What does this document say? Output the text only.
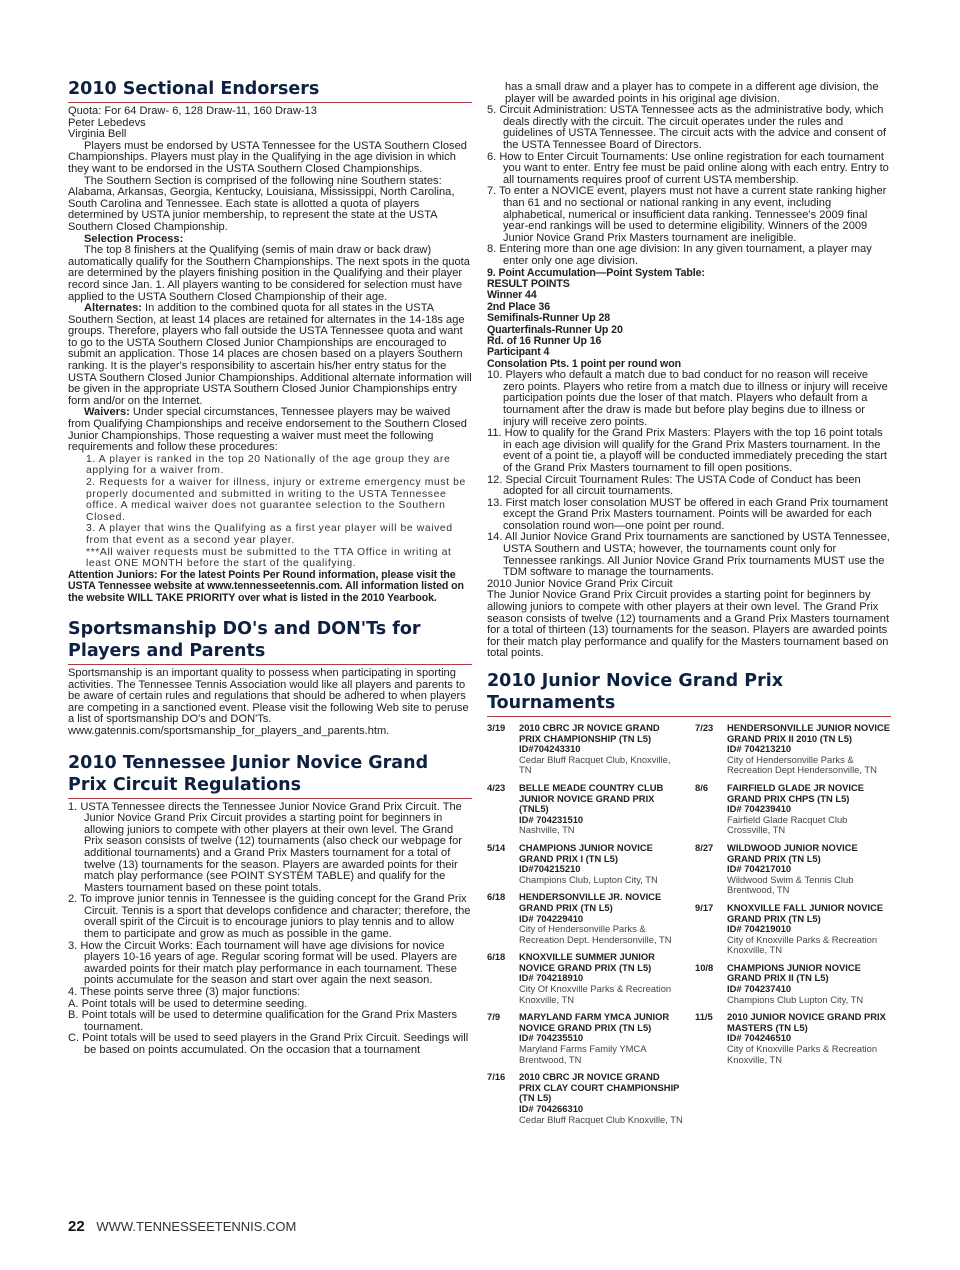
2010 Sectional Endorsers

Quota: For 64 Draw- 6, 128 Draw-11, 160 Draw-13

Peter Lebedevs

Virginia Bell

Players must be endorsed by USTA Tennessee for the USTA Southern Closed Championships. Players must play in the Qualifying in the age division in which they want to be endorsed in the USTA Southern Closed Championships.

The Southern Section is comprised of the following nine Southern states: Alabama, Arkansas, Georgia, Kentucky, Louisiana, Mississippi, North Carolina, South Carolina and Tennessee. Each state is allotted a quota of players determined by USTA junior membership, to represent the state at the USTA Southern Closed Championship.

Selection Process:

The top 8 finishers at the Qualifying (semis of main draw or back draw) automatically qualify for the Southern Championships. The next spots in the quota are determined by the players finishing position in the Qualifying and their player record since Jan. 1. All players wanting to be considered for selection must have applied to the USTA Southern Closed Championship of their age.

Alternates: In addition to the combined quota for all states in the USTA Southern Section, at least 14 places are retained for alternates in the 14-18s age groups. Therefore, players who fall outside the USTA Tennessee quota and want to go to the USTA Southern Closed Junior Championships are encouraged to submit an application. Those 14 places are chosen based on a players Southern ranking. It is the player's responsibility to ascertain his/her entry status for the USTA Southern Closed Junior Championships. Additional alternate information will be given in the appropriate USTA Southern Closed Junior Championships entry form and/or on the Internet.

Waivers: Under special circumstances, Tennessee players may be waived from Qualifying Championships and receive endorsement to the Southern Closed Junior Championships. Those requesting a waiver must meet the following requirements and follow these procedures:

1. A player is ranked in the top 20 Nationally of the age group they are applying for a waiver from.

2. Requests for a waiver for illness, injury or extreme emergency must be properly documented and submitted in writing to the USTA Tennessee office. A medical waiver does not guarantee selection to the Southern Closed.

3. A player that wins the Qualifying as a first year player will be waived from that event as a second year player.

***All waiver requests must be submitted to the TTA Office in writing at least ONE MONTH before the start of the qualifying.

Attention Juniors: For the latest Points Per Round information, please visit the USTA Tennessee website at www.tennesseetennis.com. All information listed on the website WILL TAKE PRIORITY over what is listed in the 2010 Yearbook.

Sportsmanship DO's and DON'Ts for Players and Parents

Sportsmanship is an important quality to possess when participating in sporting activities. The Tennessee Tennis Association would like all players and parents to be aware of certain rules and regulations that should be adhered to when players are competing in a sanctioned event. Please visit the following Web site to peruse a list of sportsmanship DO's and DON'Ts. www.gatennis.com/sportsmanship_for_players_and_parents.htm.

2010 Tennessee Junior Novice Grand Prix Circuit Regulations

1. USTA Tennessee directs the Tennessee Junior Novice Grand Prix Circuit. The Junior Novice Grand Prix Circuit provides a starting point for beginners in allowing juniors to compete with other players at their own level. The Grand Prix season consists of twelve (12) tournaments (also check our webpage for additional tournaments) and a Grand Prix Masters tournament for a total of twelve (13) tournaments for the season. Players are awarded points for their match play performance (see POINT SYSTEM TABLE) and qualify for the Masters tournament based on these point totals.

2. To improve junior tennis in Tennessee is the guiding concept for the Grand Prix Circuit. Tennis is a sport that develops confidence and character; therefore, the overall spirit of the Circuit is to encourage juniors to play tennis and to allow them to participate and grow as much as possible in the game.

3. How the Circuit Works: Each tournament will have age divisions for novice players 10-16 years of age. Regular scoring format will be used. Players are awarded points for their match play performance in each tournament. These points accumulate for the season and start over again the next season.

4. These points serve three (3) major functions:

A. Point totals will be used to determine seeding.

B. Point totals will be used to determine qualification for the Grand Prix Masters tournament.

C. Point totals will be used to seed players in the Grand Prix Circuit. Seedings will be based on points accumulated. On the occasion that a tournament

has a small draw and a player has to compete in a different age division, the player will be awarded points in his original age division.

5. Circuit Administration: USTA Tennessee acts as the administrative body, which deals directly with the circuit. The circuit operates under the rules and guidelines of USTA Tennessee. The circuit acts with the advice and consent of the USTA Tennessee Board of Directors.

6. How to Enter Circuit Tournaments: Use online registration for each tournament you want to enter. Entry fee must be paid online along with each entry. Entry to all tournaments requires proof of current USTA membership.

7. To enter a NOVICE event, players must not have a current state ranking higher than 61 and no sectional or national ranking in any event, including alphabetical, numerical or insufficient data ranking. Tennessee's 2009 final year-end rankings will be used to determine eligibility. Winners of the 2009 Junior Novice Grand Prix Masters tournament are ineligible.

8. Entering more than one age division: In any given tournament, a player may enter only one age division.

9. Point Accumulation—Point System Table:

RESULT POINTS

Winner 44

2nd Place 36

Semifinals-Runner Up 28

Quarterfinals-Runner Up 20

Rd. of 16 Runner Up 16

Participant 4

Consolation Pts. 1 point per round won

10. Players who default a match due to bad conduct for no reason will receive zero points. Players who retire from a match due to illness or injury will receive participation points due the loser of that match. Players who default from a tournament after the draw is made but before play begins due to illness or injury will receive zero points.

11. How to qualify for the Grand Prix Masters: Players with the top 16 point totals in each age division will qualify for the Grand Prix Masters tournament. In the event of a point tie, a playoff will be conducted immediately preceding the start of the Grand Prix Masters tournament to fill open positions.

12. Special Circuit Tournament Rules: The USTA Code of Conduct has been adopted for all circuit tournaments.

13. First match loser consolation MUST be offered in each Grand Prix tournament except the Grand Prix Masters tournament. Points will be awarded for each consolation round won—one point per round.

14. All Junior Novice Grand Prix tournaments are sanctioned by USTA Tennessee, USTA Southern and USTA; however, the tournaments count only for Tennessee rankings. All Junior Novice Grand Prix tournaments MUST use the TDM software to manage the tournaments.

2010 Junior Novice Grand Prix Circuit

The Junior Novice Grand Prix Circuit provides a starting point for beginners by allowing juniors to compete with other players at their own level. The Grand Prix season consists of twelve (12) tournaments and a Grand Prix Masters tournament for a total of thirteen (13) tournaments for the season. Players are awarded points for their match play performance and qualify for the Masters tournament based on total points.

2010 Junior Novice Grand Prix Tournaments
3/19	2010 CBRC JR NOVICE GRAND PRIX CHAMPIONSHIP (TN L5)
ID#704243310
Cedar Bluff Racquet Club, Knoxville, TN
4/23	BELLE MEADE COUNTRY CLUB JUNIOR NOVICE GRAND PRIX (TNL5)
ID# 704231510
Nashville, TN
5/14	CHAMPIONS JUNIOR NOVICE GRAND PRIX I (TN L5)
ID#704215210
Champions Club, Lupton City, TN
6/18	HENDERSONVILLE JR. NOVICE GRAND PRIX (TN L5)
ID# 704229410
City of Hendersonville Parks & Recreation Dept. Hendersonville, TN
6/18	KNOXVILLE SUMMER JUNIOR NOVICE GRAND PRIX (TN L5)
ID# 704218910
City Of Knoxville Parks & Recreation Knoxville, TN
7/9	MARYLAND FARM YMCA JUNIOR NOVICE GRAND PRIX (TN L5)
ID# 704235510
Maryland Farms Family YMCA Brentwood, TN
7/16	2010 CBRC JR NOVICE GRAND PRIX CLAY COURT CHAMPIONSHIP (TN L5)
ID# 704266310
Cedar Bluff Racquet Club Knoxville, TN
7/23	HENDERSONVILLE JUNIOR NOVICE GRAND PRIX II 2010 (TN L5)
ID# 704213210
City of Hendersonville Parks & Recreation Dept Hendersonville, TN
8/6	FAIRFIELD GLADE JR NOVICE GRAND PRIX CHPS (TN L5)
ID# 704239410
Fairfield Glade Racquet Club Crossville, TN
8/27	WILDWOOD JUNIOR NOVICE GRAND PRIX (TN L5)
ID# 704217010
Wildwood Swim & Tennis Club Brentwood, TN
9/17	KNOXVILLE FALL JUNIOR NOVICE GRAND PRIX (TN L5)
ID# 704219010
City of Knoxville Parks & Recreation Knoxville, TN
10/8	CHAMPIONS JUNIOR NOVICE GRAND PRIX II (TN L5)
ID# 704237410
Champions Club Lupton City, TN
11/5	2010 JUNIOR NOVICE GRAND PRIX MASTERS (TN L5)
ID# 704246510
City of Knoxville Parks & Recreation Knoxville, TN
22 WWW.TENNESSEETENNIS.COM
